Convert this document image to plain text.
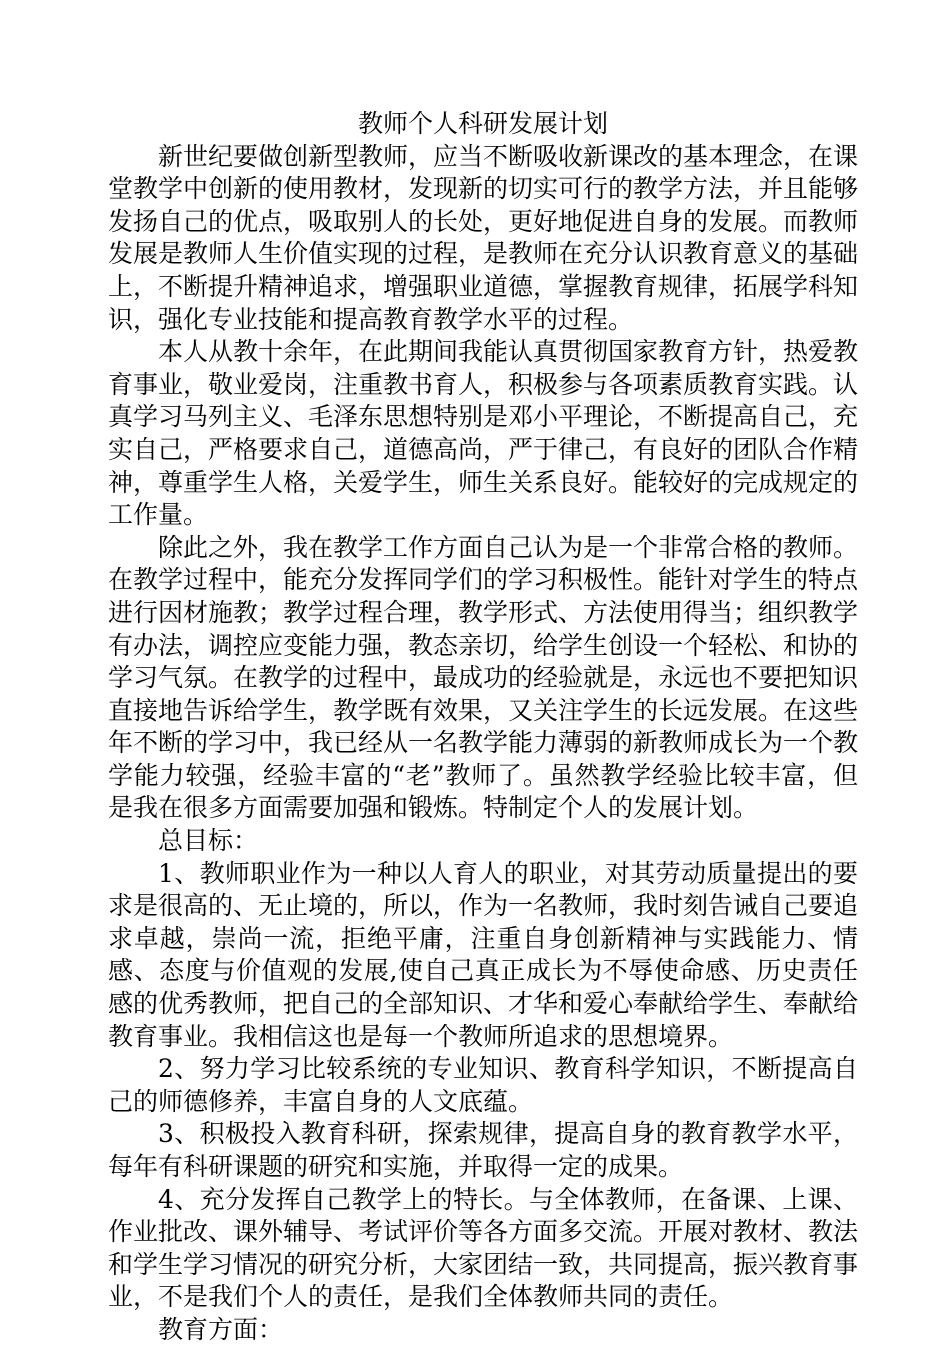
教师个人科研发展计划

新世纪要做创新型教师，应当不断吸收新课改的基本理念，在课堂教学中创新的使用教材，发现新的切实可行的教学方法，并且能够发扬自己的优点，吸取别人的长处，更好地促进自身的发展。而教师发展是教师人生价值实现的过程，是教师在充分认识教育意义的基础上，不断提升精神追求，增强职业道德，掌握教育规律，拓展学科知识，强化专业技能和提高教育教学水平的过程。

本人从教十余年，在此期间我能认真贯彻国家教育方针，热爱教育事业，敬业爱岗，注重教书育人，积极参与各项素质教育实践。认真学习马列主义、毛泽东思想特别是邓小平理论，不断提高自己，充实自己，严格要求自己，道德高尚，严于律己，有良好的团队合作精神，尊重学生人格，关爱学生，师生关系良好。能较好的完成规定的工作量。

除此之外，我在教学工作方面自己认为是一个非常合格的教师。在教学过程中，能充分发挥同学们的学习积极性。能针对学生的特点进行因材施教；教学过程合理，教学形式、方法使用得当；组织教学有办法，调控应变能力强，教态亲切，给学生创设一个轻松、和协的学习气氛。在教学的过程中，最成功的经验就是，永远也不要把知识直接地告诉给学生，教学既有效果，又关注学生的长远发展。在这些年不断的学习中，我已经从一名教学能力薄弱的新教师成长为一个教学能力较强，经验丰富的“老”教师了。虽然教学经验比较丰富，但是我在很多方面需要加强和锻炼。特制定个人的发展计划。

总目标：

1、教师职业作为一种以人育人的职业，对其劳动质量提出的要求是很高的、无止境的，所以，作为一名教师，我时刻告诫自己要追求卓越，崇尚一流，拒绝平庸，注重自身创新精神与实践能力、情感、态度与价值观的发展,使自己真正成长为不辱使命感、历史责任感的优秀教师，把自己的全部知识、才华和爱心奉献给学生、奉献给教育事业。我相信这也是每一个教师所追求的思想境界。

2、努力学习比较系统的专业知识、教育科学知识，不断提高自己的师德修养，丰富自身的人文底蕴。

3、积极投入教育科研，探索规律，提高自身的教育教学水平，每年有科研课题的研究和实施，并取得一定的成果。

4、充分发挥自己教学上的特长。与全体教师，在备课、上课、作业批改、课外辅导、考试评价等各方面多交流。开展对教材、教法和学生学习情况的研究分析，大家团结一致，共同提高，振兴教育事业，不是我们个人的责任，是我们全体教师共同的责任。

教育方面：
